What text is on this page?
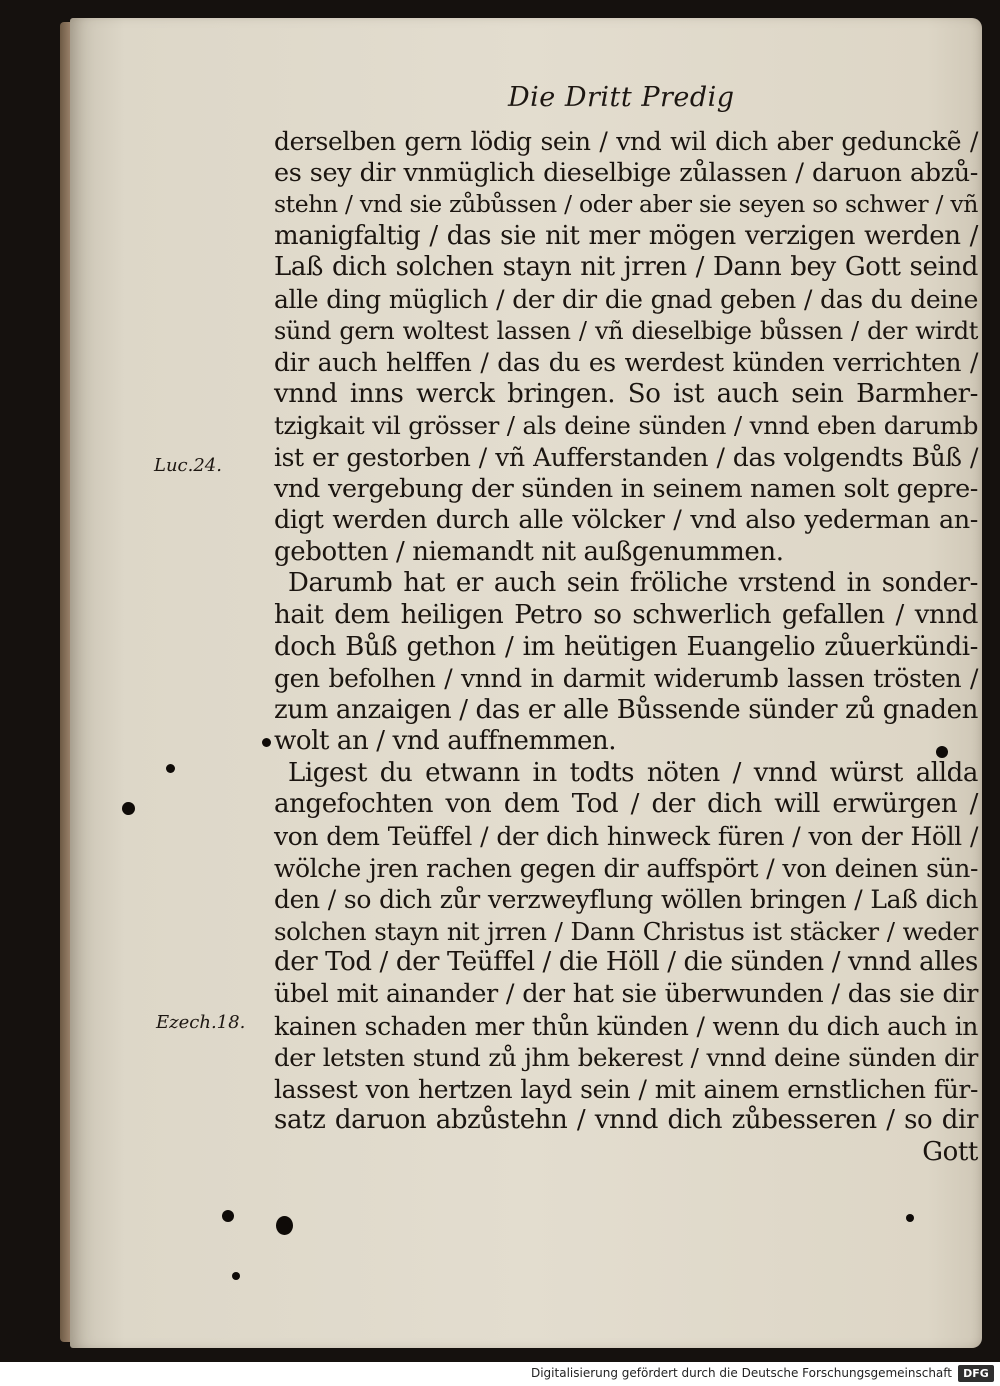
Die Dritt Predig
Luc.24.
Ezech.18.
derselben gern lödig sein / vnd wil dich aber gedunckẽ /
es sey dir vnmüglich dieselbige zůlassen / daruon abzů-
stehn / vnd sie zůbůssen / oder aber sie seyen so schwer / vñ
manigfaltig / das sie nit mer mögen verzigen werden /
Laß dich solchen stayn nit jrren / Dann bey Gott seind
alle ding müglich / der dir die gnad geben / das du deine
sünd gern woltest lassen / vñ dieselbige bůssen / der wirdt
dir auch helffen / das du es werdest künden verrichten /
vnnd inns werck bringen. So ist auch sein Barmher-
tzigkait vil grösser / als deine sünden / vnnd eben darumb
ist er gestorben / vñ Aufferstanden / das volgendts Bůß /
vnd vergebung der sünden in seinem namen solt gepre-
digt werden durch alle völcker / vnd also yederman an-
gebotten / niemandt nit außgenummen.
Darumb hat er auch sein fröliche vrstend in sonder-
hait dem heiligen Petro so schwerlich gefallen / vnnd
doch Bůß gethon / im heütigen Euangelio zůuerkündi-
gen befolhen / vnnd in darmit widerumb lassen trösten /
zum anzaigen / das er alle Bůssende sünder zů gnaden
wolt an / vnd auffnemmen.
Ligest du etwann in todts nöten / vnnd würst allda
angefochten von dem Tod / der dich will erwürgen /
von dem Teüffel / der dich hinweck füren / von der Höll /
wölche jren rachen gegen dir auffspört / von deinen sün-
den / so dich zůr verzweyflung wöllen bringen / Laß dich
solchen stayn nit jrren / Dann Christus ist stäcker / weder
der Tod / der Teüffel / die Höll / die sünden / vnnd alles
übel mit ainander / der hat sie überwunden / das sie dir
kainen schaden mer thůn künden / wenn du dich auch in
der letsten stund zů jhm bekerest / vnnd deine sünden dir
lassest von hertzen layd sein / mit ainem ernstlichen für-
satz daruon abzůstehn / vnnd dich zůbesseren / so dir
Gott
Digitalisierung gefördert durch die Deutsche Forschungsgemeinschaft	DFG
